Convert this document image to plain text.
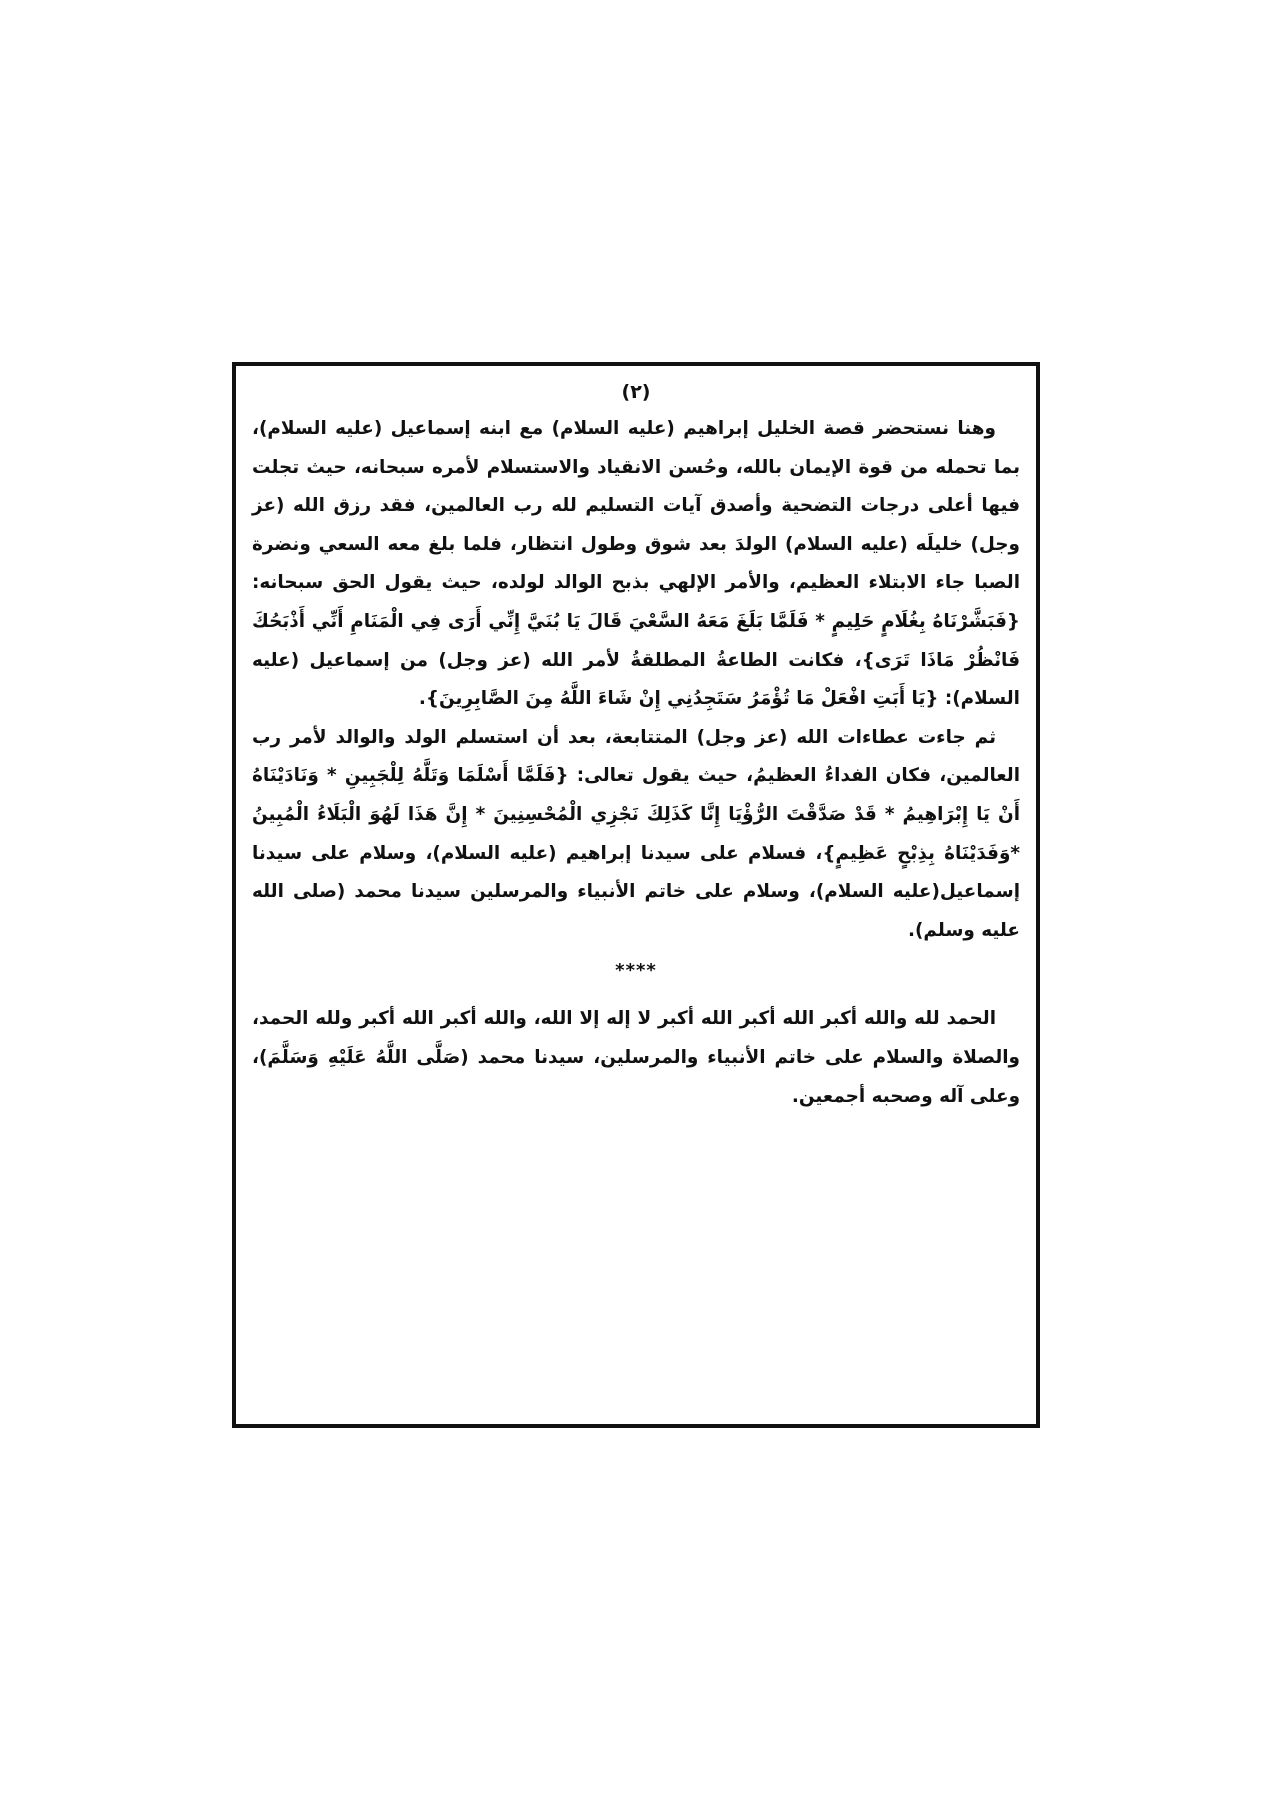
(٢)

وهنا نستحضر قصة الخليل إبراهيم (عليه السلام) مع ابنه إسماعيل (عليه السلام)، بما تحمله من قوة الإيمان بالله، وحُسن الانقياد والاستسلام لأمره سبحانه، حيث تجلت فيها أعلى درجات التضحية وأصدق آيات التسليم لله رب العالمين، فقد رزق الله (عز وجل) خليلَه (عليه السلام) الولدَ بعد شوق وطول انتظار، فلما بلغ معه السعي ونضرة الصبا جاء الابتلاء العظيم، والأمر الإلهي بذبح الوالد لولده، حيث يقول الحق سبحانه: {فَبَشَّرْنَاهُ بِغُلَامٍ حَلِيمٍ * فَلَمَّا بَلَغَ مَعَهُ السَّعْيَ قَالَ يَا بُنَيَّ إِنِّي أَرَى فِي الْمَنَامِ أَنِّي أَذْبَحُكَ فَانْظُرْ مَاذَا تَرَى}، فكانت الطاعةُ المطلقةُ لأمر الله (عز وجل) من إسماعيل (عليه السلام): {يَا أَبَتِ افْعَلْ مَا تُؤْمَرُ سَتَجِدُنِي إِنْ شَاءَ اللَّهُ مِنَ الصَّابِرِينَ}.

ثم جاءت عطاءات الله (عز وجل) المتتابعة، بعد أن استسلم الولد والوالد لأمر رب العالمين، فكان الفداءُ العظيمُ، حيث يقول تعالى: {فَلَمَّا أَسْلَمَا وَتَلَّهُ لِلْجَبِينِ * وَنَادَيْنَاهُ أَنْ يَا إِبْرَاهِيمُ * قَدْ صَدَّقْتَ الرُّؤْيَا إِنَّا كَذَلِكَ نَجْزِي الْمُحْسِنِينَ * إِنَّ هَذَا لَهُوَ الْبَلَاءُ الْمُبِينُ *وَفَدَيْنَاهُ بِذِبْحٍ عَظِيمٍ}، فسلام على سيدنا إبراهيم (عليه السلام)، وسلام على سيدنا إسماعيل(عليه السلام)، وسلام على خاتم الأنبياء والمرسلين سيدنا محمد (صلى الله عليه وسلم).

****

الحمد لله والله أكبر الله أكبر الله أكبر لا إله إلا الله، والله أكبر الله أكبر ولله الحمد، والصلاة والسلام على خاتم الأنبياء والمرسلين، سيدنا محمد (صَلَّى اللَّهُ عَلَيْهِ وَسَلَّمَ)، وعلى آله وصحبه أجمعين.
